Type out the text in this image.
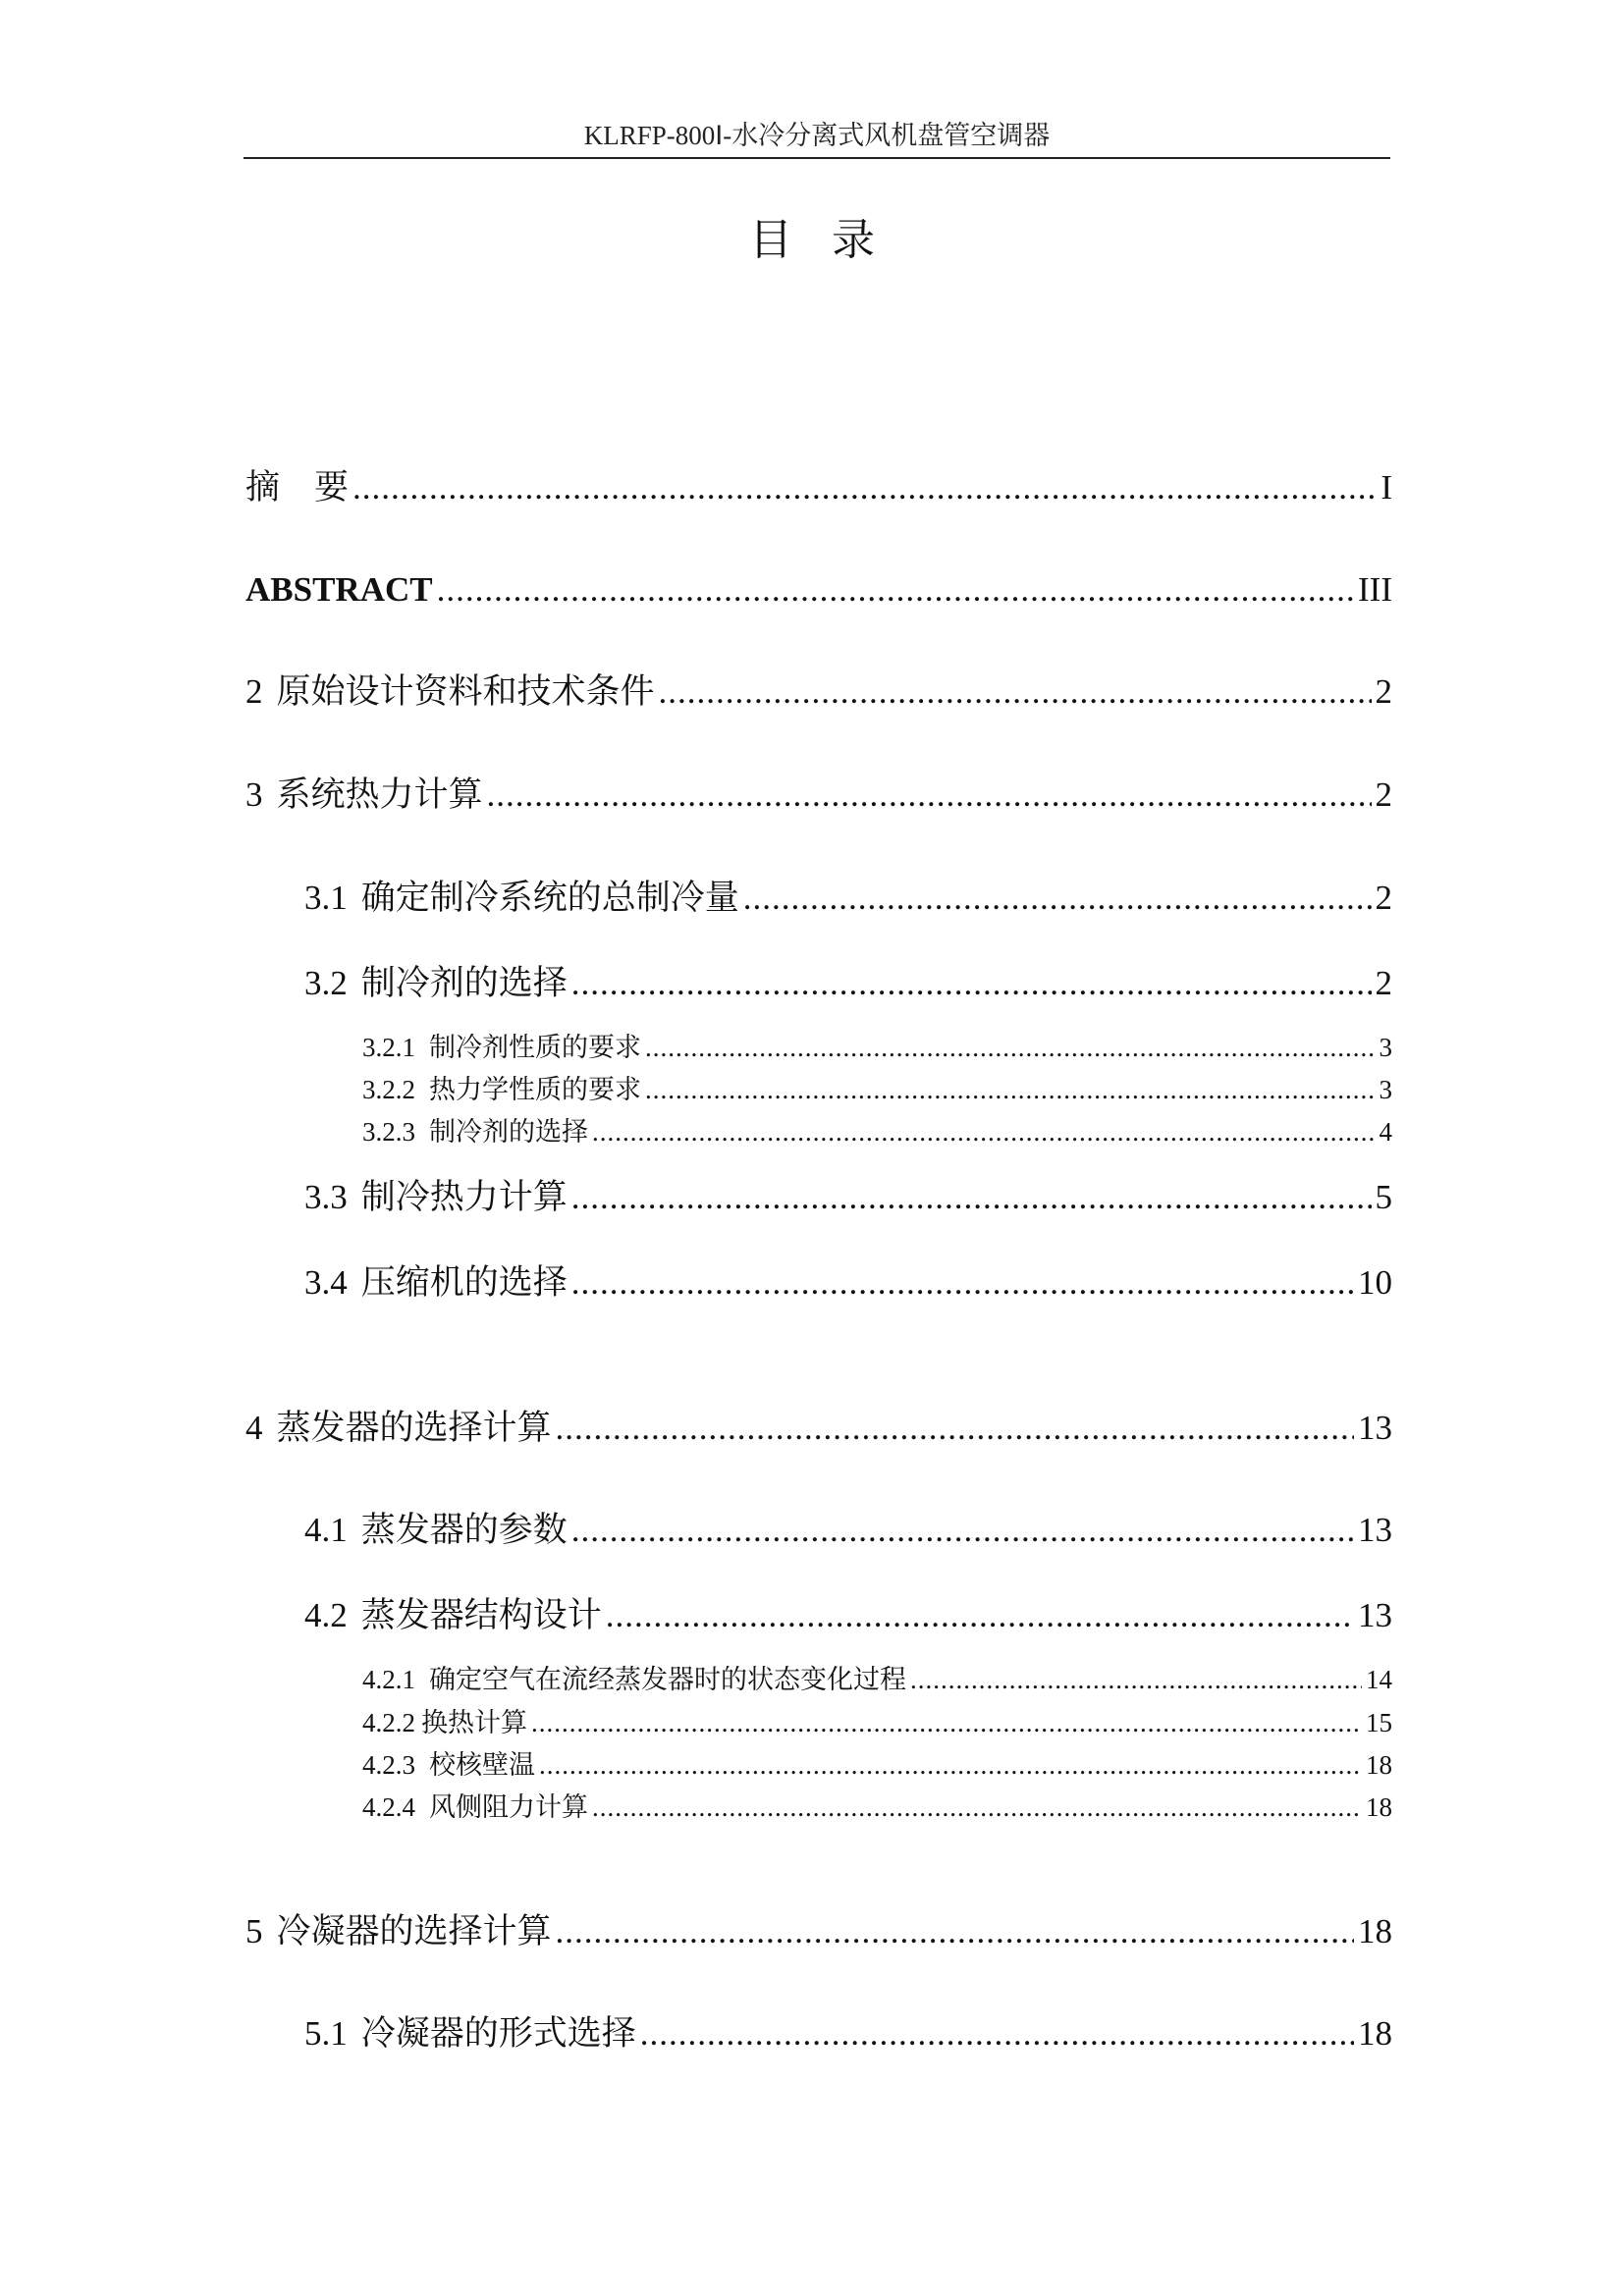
KLRFP-800Ⅰ-水冷分离式风机盘管空调器
目录
摘　要 .....	I
ABSTRACT .....	III
2 原始设计资料和技术条件 .....	2
3 系统热力计算 .....	2
3.1 确定制冷系统的总制冷量 .....	2
3.2 制冷剂的选择 .....	2
3.2.1 制冷剂性质的要求 .....	3
3.2.2 热力学性质的要求 .....	3
3.2.3 制冷剂的选择 .....	4
3.3 制冷热力计算 .....	5
3.4 压缩机的选择 .....	10
4 蒸发器的选择计算 .....	13
4.1 蒸发器的参数 .....	13
4.2 蒸发器结构设计 .....	13
4.2.1 确定空气在流经蒸发器时的状态变化过程 .....	14
4.2.2 换热计算 .....	15
4.2.3 校核壁温 .....	18
4.2.4 风侧阻力计算 .....	18
5 冷凝器的选择计算 .....	18
5.1 冷凝器的形式选择 .....	18
